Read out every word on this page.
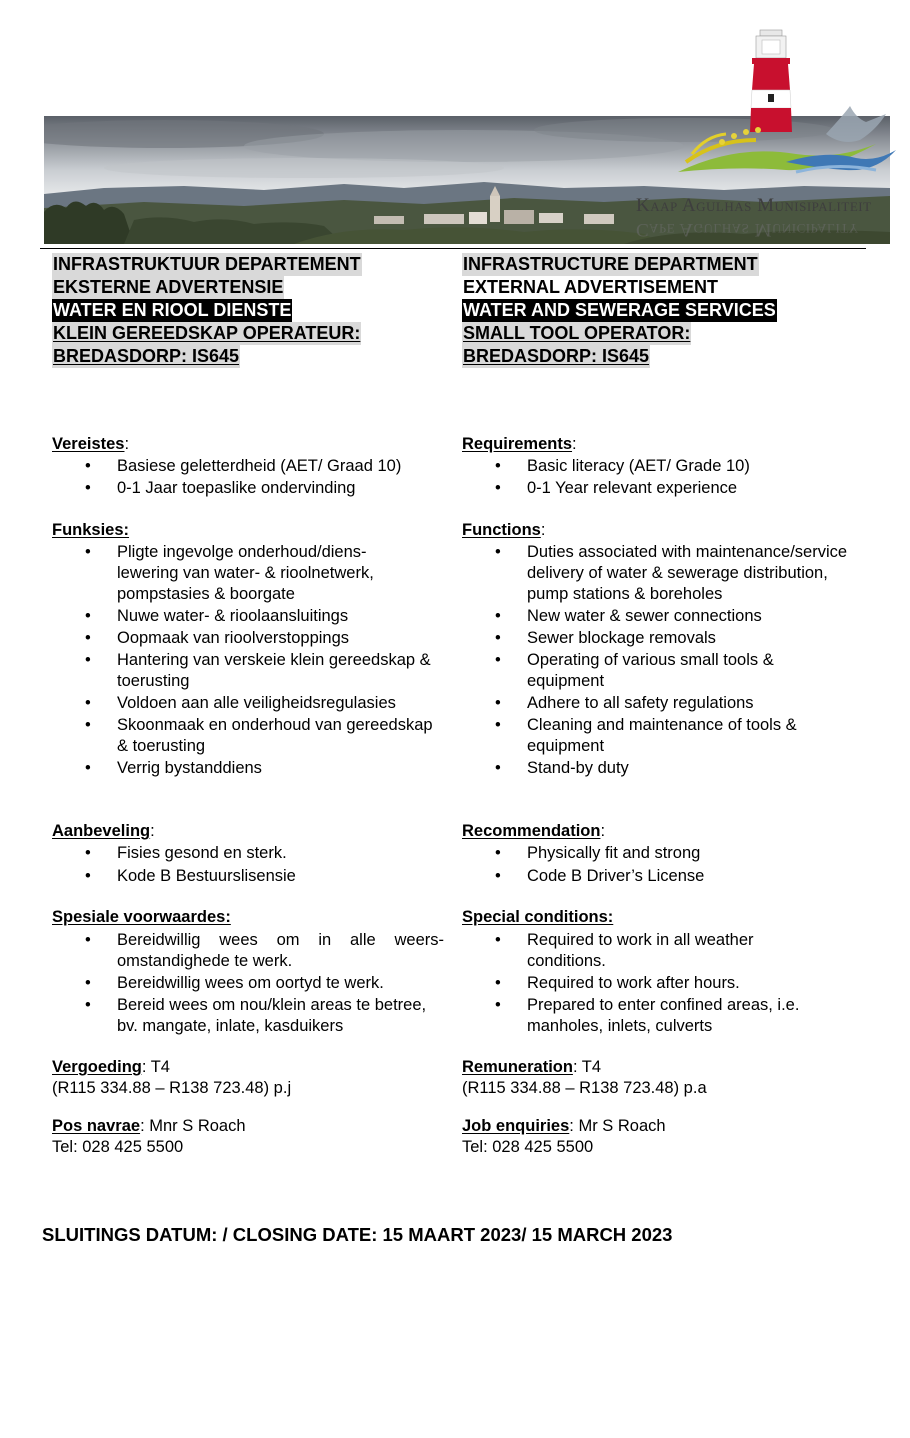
Kaap Agulhas Munisipaliteit
Cape Agulhas Municipality
INFRASTRUKTUUR DEPARTEMENT
EKSTERNE ADVERTENSIE
WATER EN RIOOL DIENSTE
KLEIN GEREEDSKAP OPERATEUR:
BREDASDORP: IS645
Vereistes:
• Basiese geletterdheid (AET/ Graad 10)
• 0-1 Jaar toepaslike ondervinding
Funksies:
• Pligte ingevolge onderhoud/diens-lewering van water- & rioolnetwerk, pompstasies & boorgate
• Nuwe water- & rioolaansluitings
• Oopmaak van rioolverstoppings
• Hantering van verskeie klein gereedskap & toerusting
• Voldoen aan alle veiligheidsregulasies
• Skoonmaak en onderhoud van gereedskap & toerusting
• Verrig bystanddiens
Aanbeveling:
• Fisies gesond en sterk.
• Kode B Bestuurslisensie
Spesiale voorwaardes:
• Bereidwillig wees om in alle weers-omstandighede te werk.
• Bereidwillig wees om oortyd te werk.
• Bereid wees om nou/klein areas te betree, bv. mangate, inlate, kasduikers
Vergoeding: T4
(R115 334.88 – R138 723.48) p.j
Pos navrae: Mnr S Roach
Tel: 028 425 5500
INFRASTRUCTURE DEPARTMENT
EXTERNAL ADVERTISEMENT
WATER AND SEWERAGE SERVICES
SMALL TOOL OPERATOR:
BREDASDORP: IS645
Requirements:
• Basic literacy (AET/ Grade 10)
• 0-1 Year relevant experience
Functions:
• Duties associated with maintenance/service delivery of water & sewerage distribution, pump stations & boreholes
• New water & sewer connections
• Sewer blockage removals
• Operating of various small tools & equipment
• Adhere to all safety regulations
• Cleaning and maintenance of tools & equipment
• Stand-by duty
Recommendation:
• Physically fit and strong
• Code B Driver’s License
Special conditions:
• Required to work in all weather conditions.
• Required to work after hours.
• Prepared to enter confined areas, i.e. manholes, inlets, culverts
Remuneration: T4
(R115 334.88 – R138 723.48) p.a
Job enquiries: Mr S Roach
Tel: 028 425 5500
SLUITINGS DATUM: / CLOSING DATE: 15 MAART 2023/ 15 MARCH 2023
